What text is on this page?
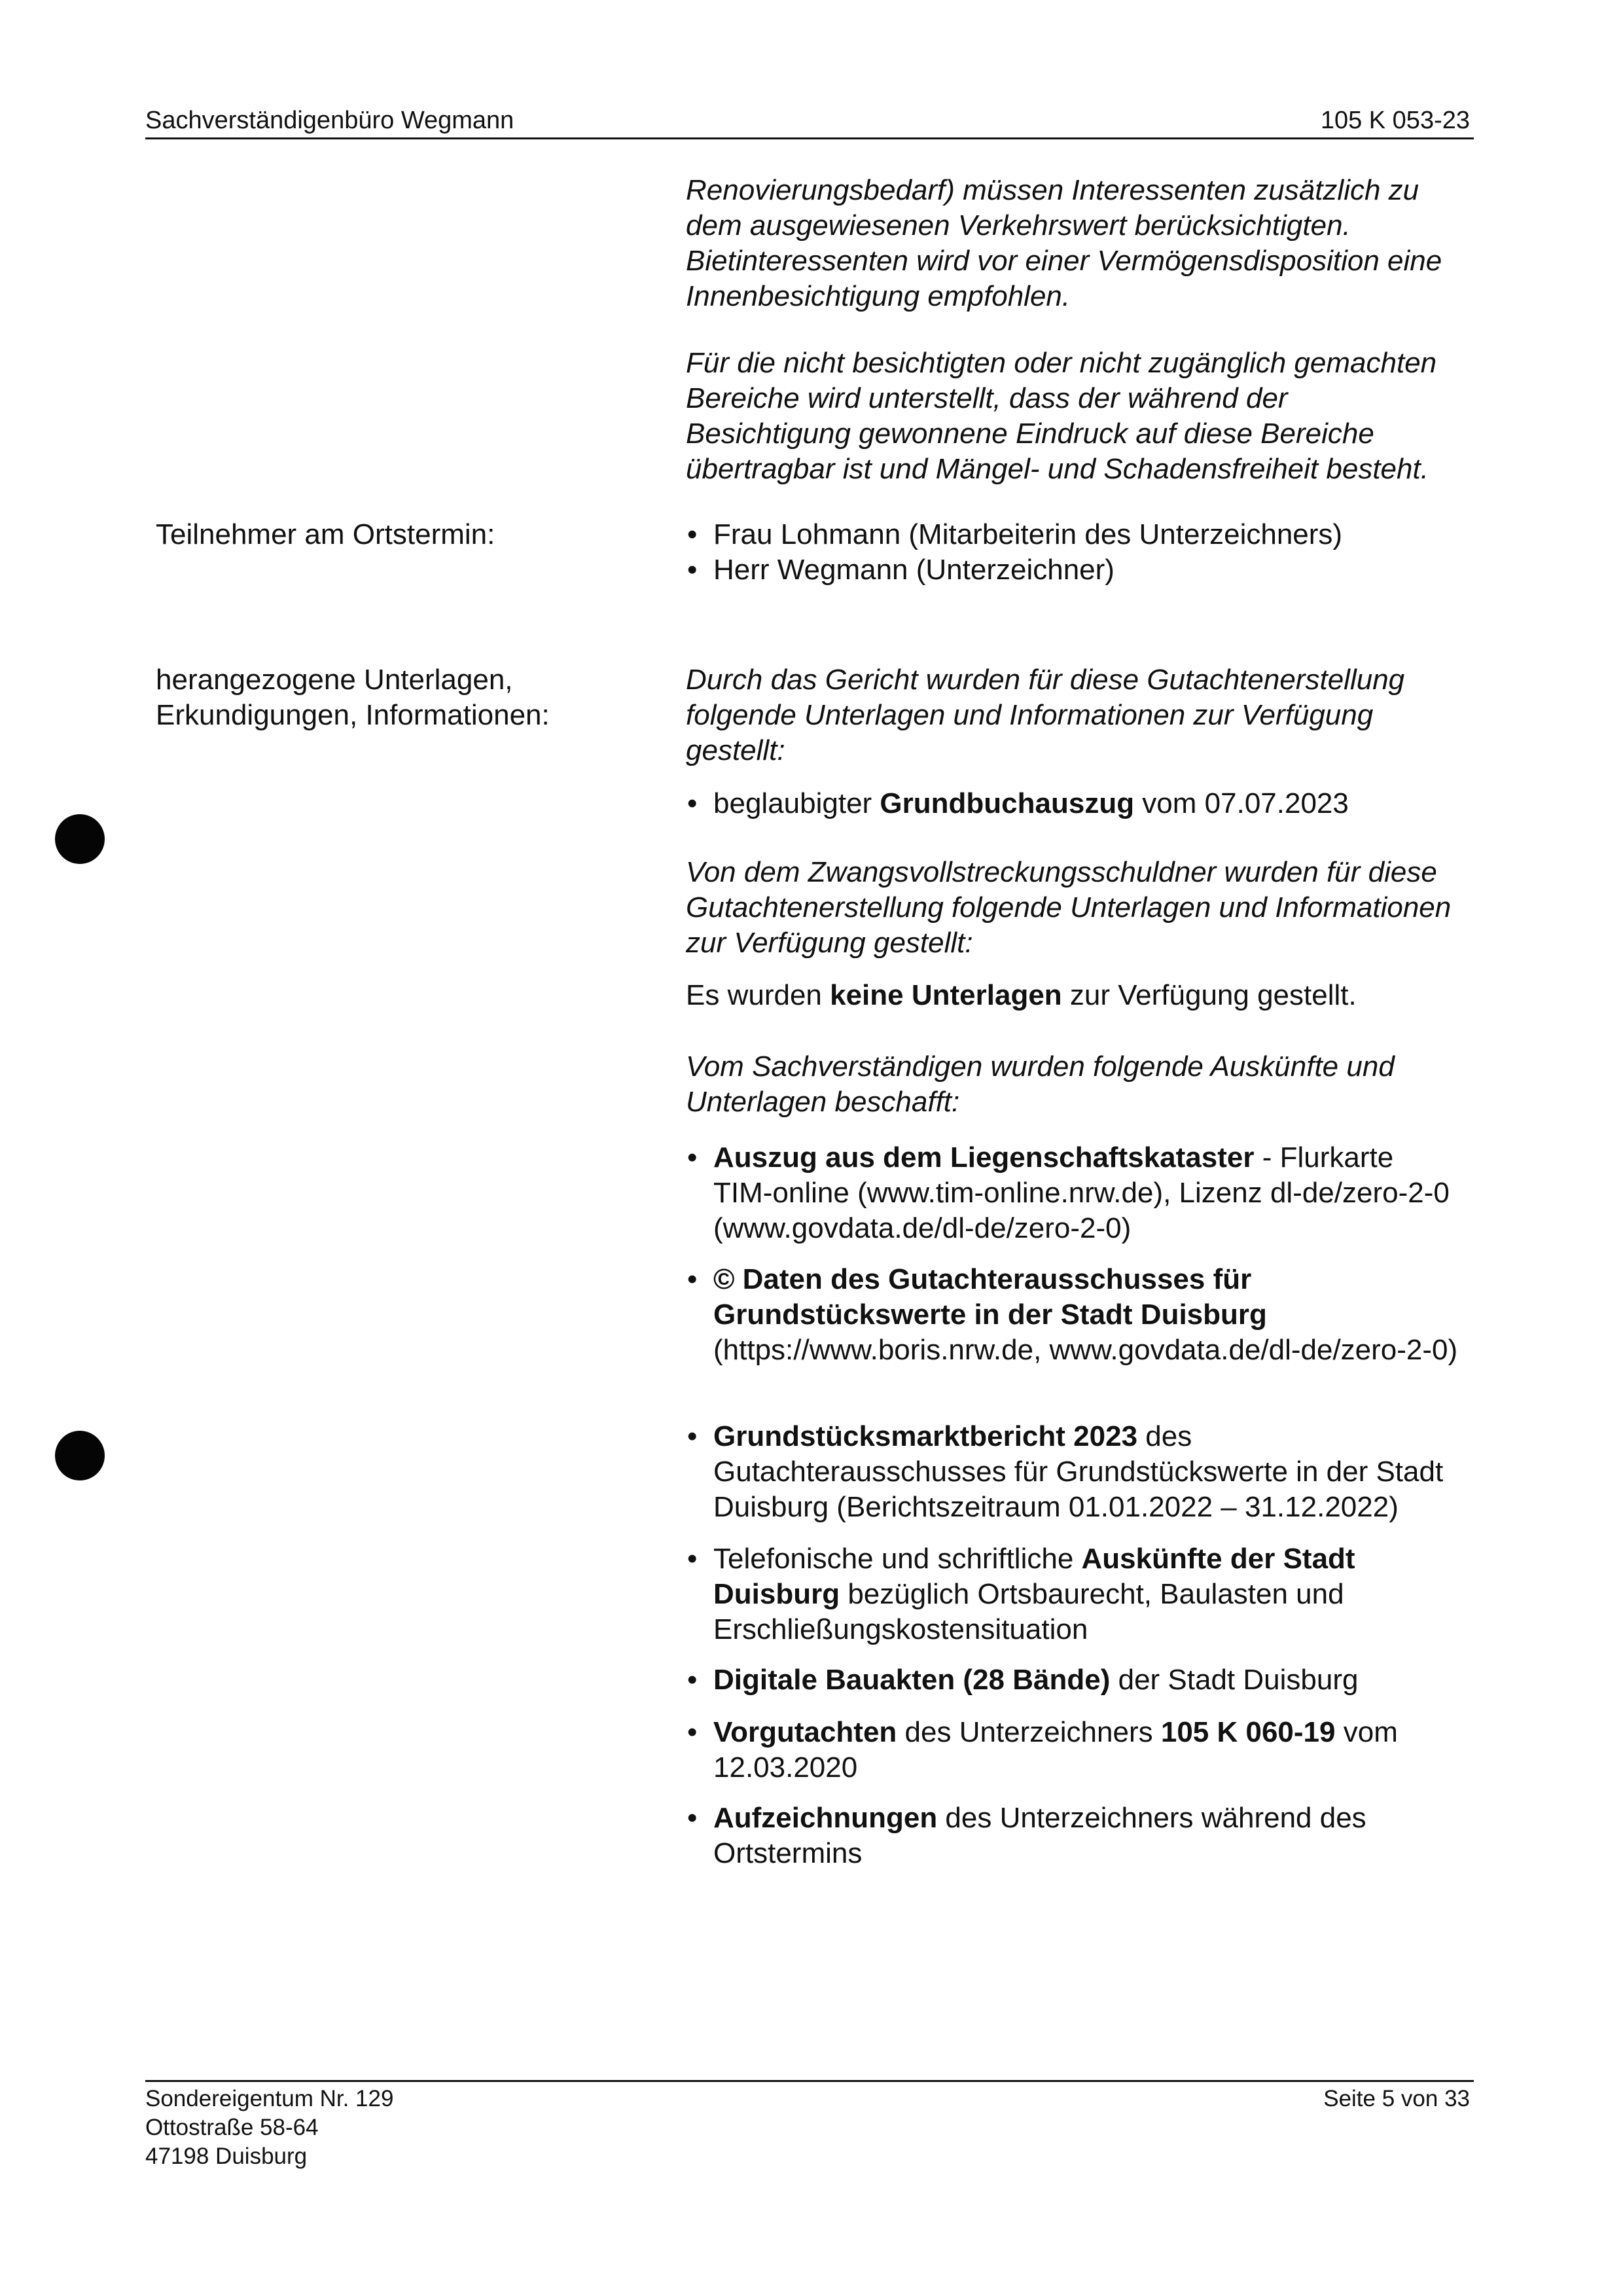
Sachverständigenbüro Wegmann	105 K 053-23

Renovierungsbedarf) müssen Interessenten zusätzlich zu dem ausgewiesenen Verkehrswert berücksichtigten. Bietinteressenten wird vor einer Vermögensdisposition eine Innenbesichtigung empfohlen.

Für die nicht besichtigten oder nicht zugänglich gemachten Bereiche wird unterstellt, dass der während der Besichtigung gewonnene Eindruck auf diese Bereiche übertragbar ist und Mängel- und Schadensfreiheit besteht.

Teilnehmer am Ortstermin:
•	Frau Lohmann (Mitarbeiterin des Unterzeichners)
• Herr Wegmann (Unterzeichner)
herangezogene Unterlagen,
Erkundigungen, Informationen:

Durch das Gericht wurden für diese Gutachtenerstellung folgende Unterlagen und Informationen zur Verfügung gestellt:

• beglaubigter Grundbuchauszug vom 07.07.2023

Von dem Zwangsvollstreckungsschuldner wurden für diese Gutachtenerstellung folgende Unterlagen und Informationen zur Verfügung gestellt:

Es wurden keine Unterlagen zur Verfügung gestellt.

Vom Sachverständigen wurden folgende Auskünfte und Unterlagen beschafft:

• Auszug aus dem Liegenschaftskataster - Flurkarte TIM-online (www.tim-online.nrw.de), Lizenz dl-de/zero-2-0 (www.govdata.de/dl-de/zero-2-0)
• © Daten des Gutachterausschusses für Grundstückswerte in der Stadt Duisburg (https://www.boris.nrw.de, www.govdata.de/dl-de/zero-2-0)
• Grundstücksmarktbericht 2023 des Gutachterausschusses für Grundstückswerte in der Stadt Duisburg (Berichtszeitraum 01.01.2022 – 31.12.2022)
• Telefonische und schriftliche Auskünfte der Stadt Duisburg bezüglich Ortsbaurecht, Baulasten und Erschließungskostensituation
• Digitale Bauakten (28 Bände) der Stadt Duisburg
• Vorgutachten des Unterzeichners 105 K 060-19 vom 12.03.2020
• Aufzeichnungen des Unterzeichners während des Ortstermins
Sondereigentum Nr. 129
Ottostraße 58-64
47198 Duisburg
Seite 5 von 33
